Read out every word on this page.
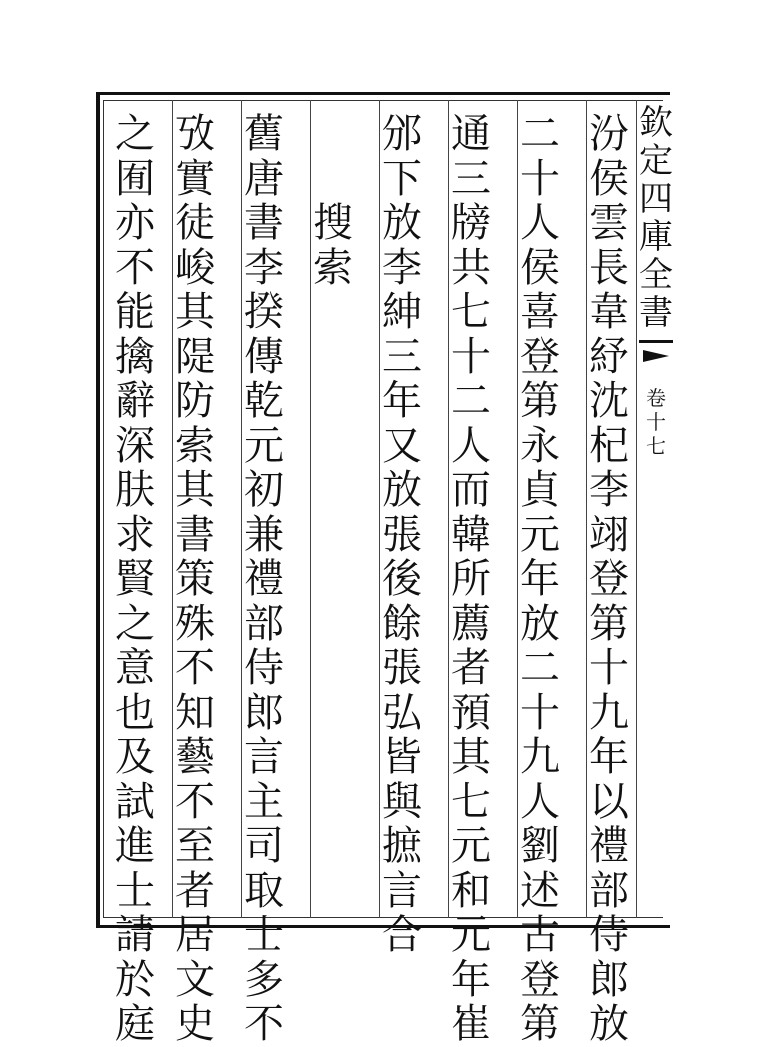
欽
定
四
庫
全
書
卷
十
七
汾
侯
雲
長
韋
紓
沈
杞
李
翊
登
第
十
九
年
以
禮
部
侍
郎
放
二
十
人
侯
喜
登
第
永
貞
元
年
放
二
十
九
人
劉
述
古
登
第
通
三
牓
共
七
十
二
人
而
韓
所
薦
者
預
其
七
元
和
元
年
崔
邠
下
放
李
紳
三
年
又
放
張
後
餘
張
弘
皆
與
摭
言
合
搜
索
舊
唐
書
李
揆
傳
乾
元
初
兼
禮
部
侍
郎
言
主
司
取
士
多
不
攷
實
徒
峻
其
隄
防
索
其
書
策
殊
不
知
藝
不
至
者
居
文
史
之
囿
亦
不
能
擒
辭
深
肤
求
賢
之
意
也
及
試
進
士
請
於
庭
